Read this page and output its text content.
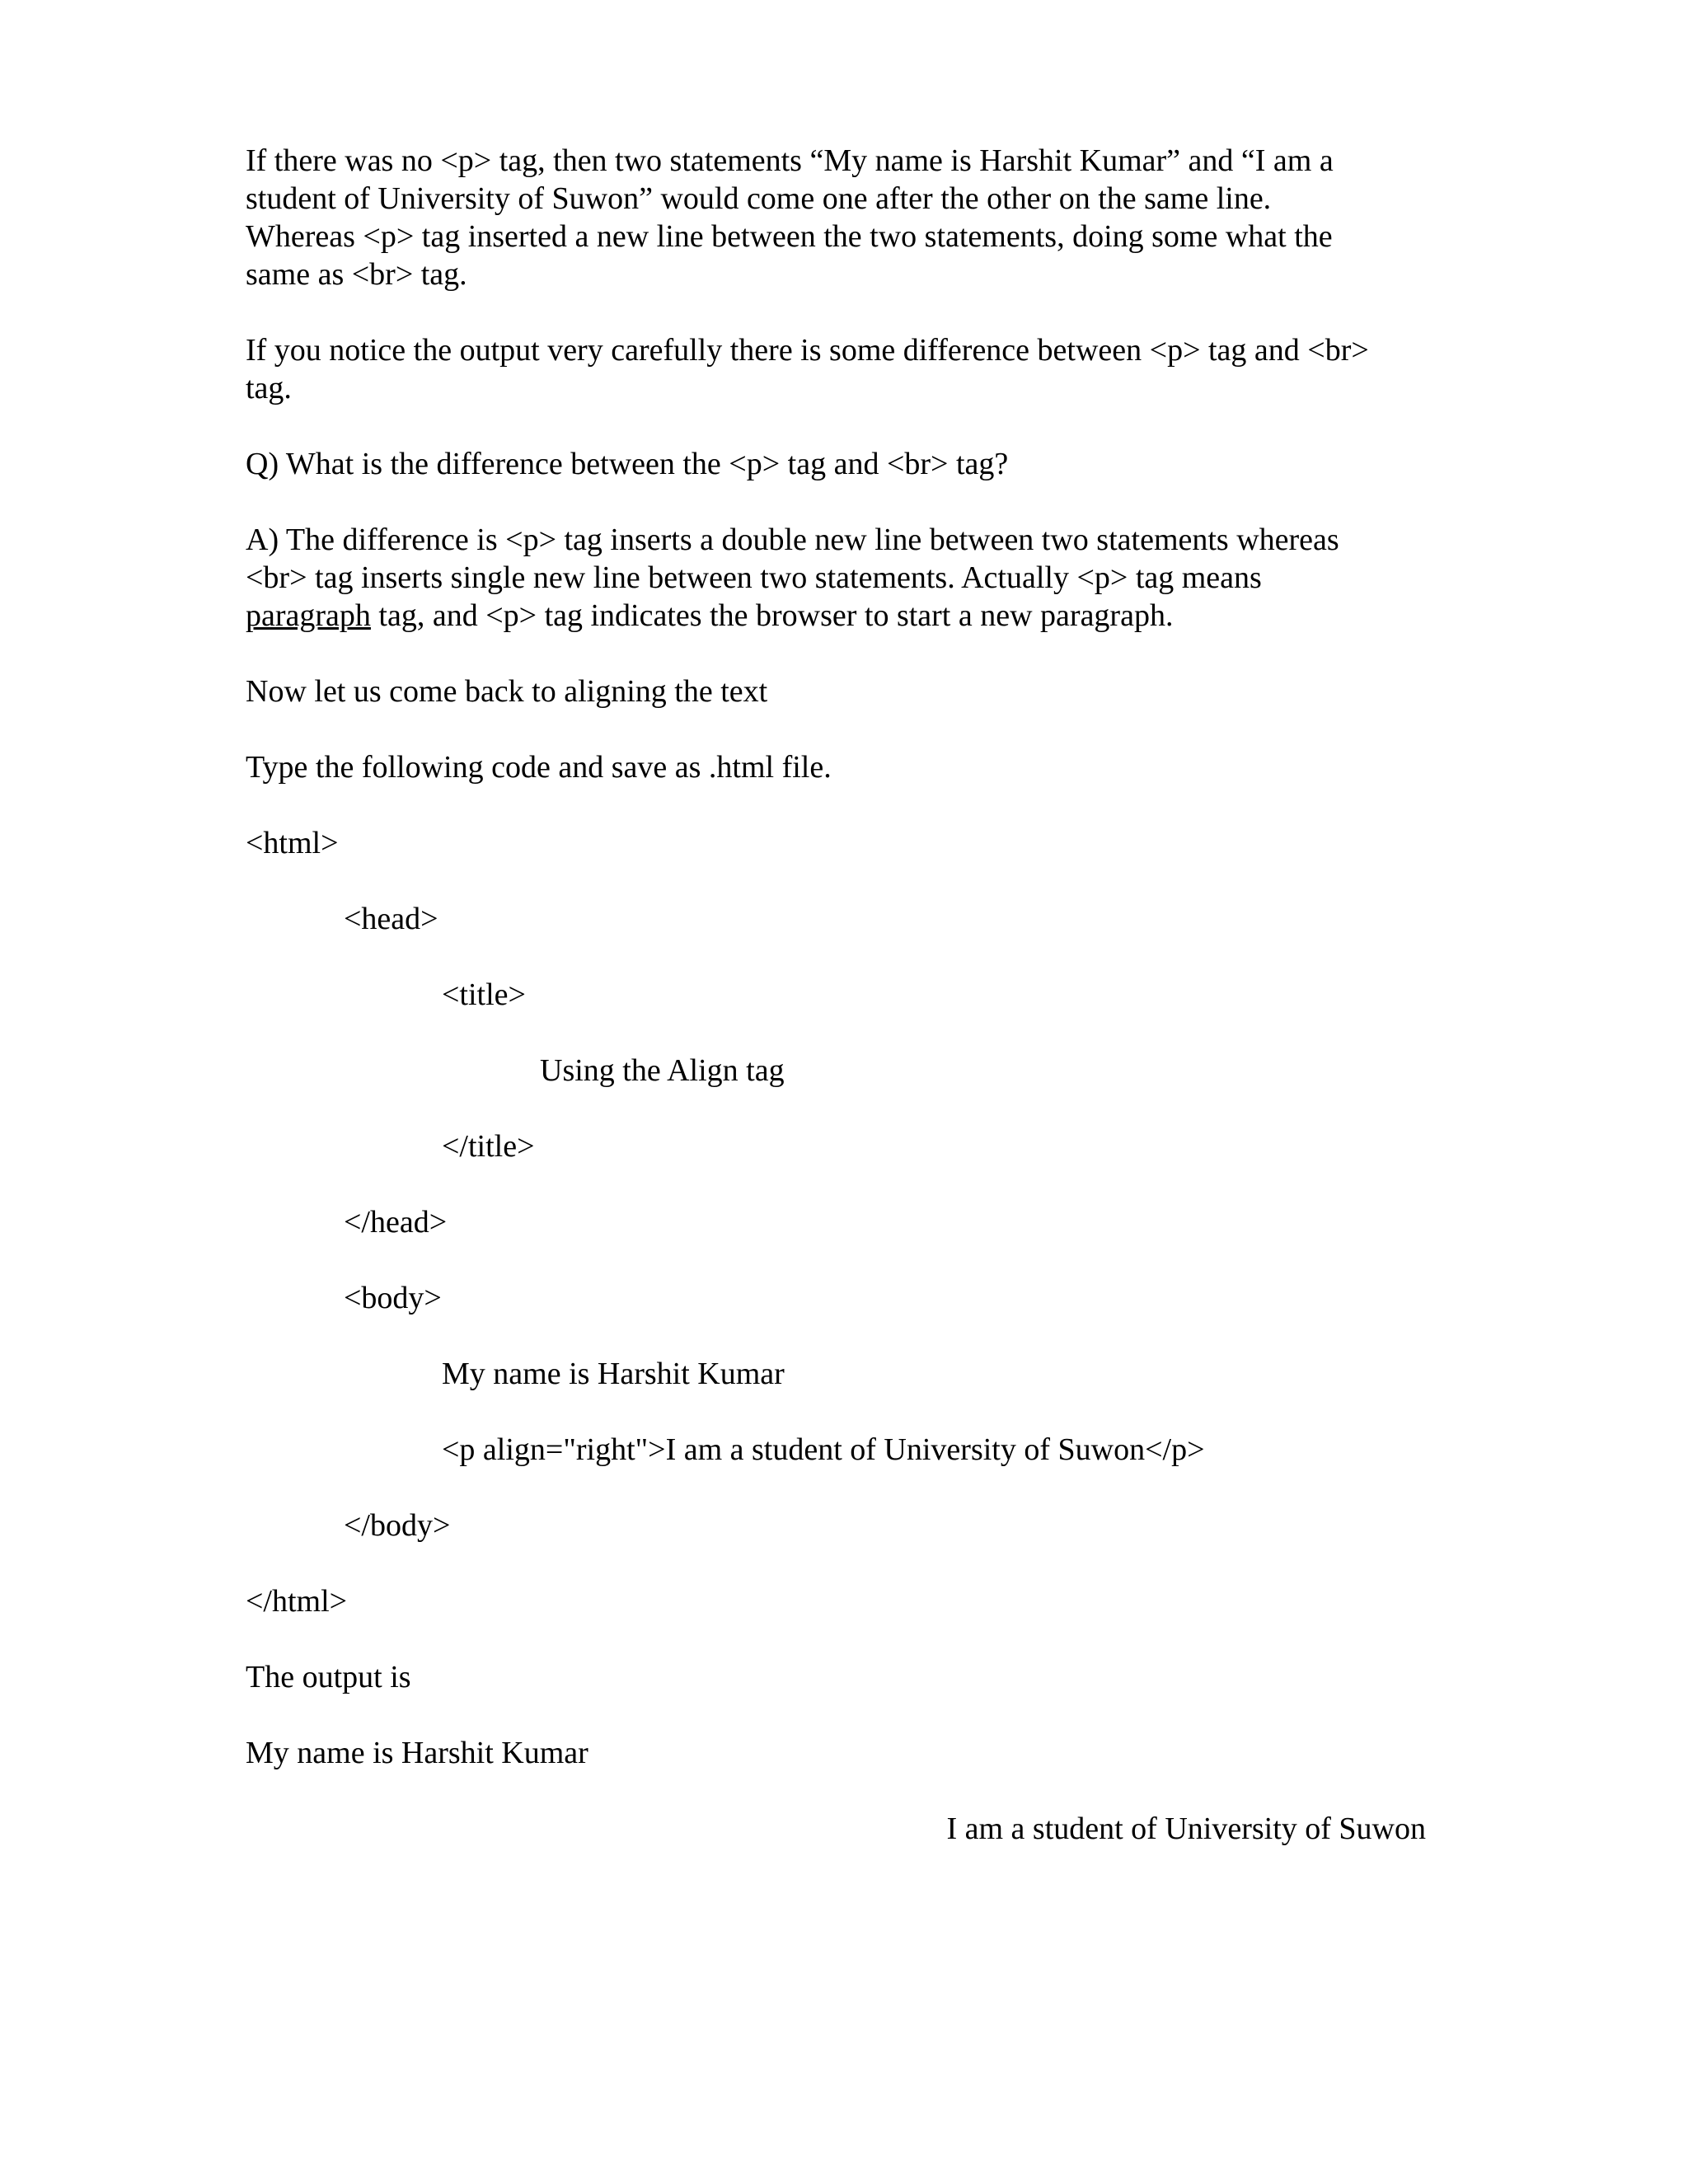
If there was no <p> tag, then two statements “My name is Harshit Kumar” and “I am a
student of University of Suwon” would come one after the other on the same line.
Whereas <p> tag inserted a new line between the two statements, doing some what the
same as <br> tag.
If you notice the output very carefully there is some difference between <p> tag and <br>
tag.
Q) What is the difference between the <p> tag and <br> tag?
A) The difference is <p> tag inserts a double new line between two statements whereas
<br> tag inserts single new line between two statements. Actually <p> tag means
paragraph tag, and <p> tag indicates the browser to start a new paragraph.
Now let us come back to aligning the text
Type the following code and save as .html file.
<html>
<head>
<title>
Using the Align tag
</title>
</head>
<body>
My name is Harshit Kumar
<p align="right">I am a student of University of Suwon</p>
</body>
</html>
The output is
My name is Harshit Kumar
I am a student of University of Suwon
